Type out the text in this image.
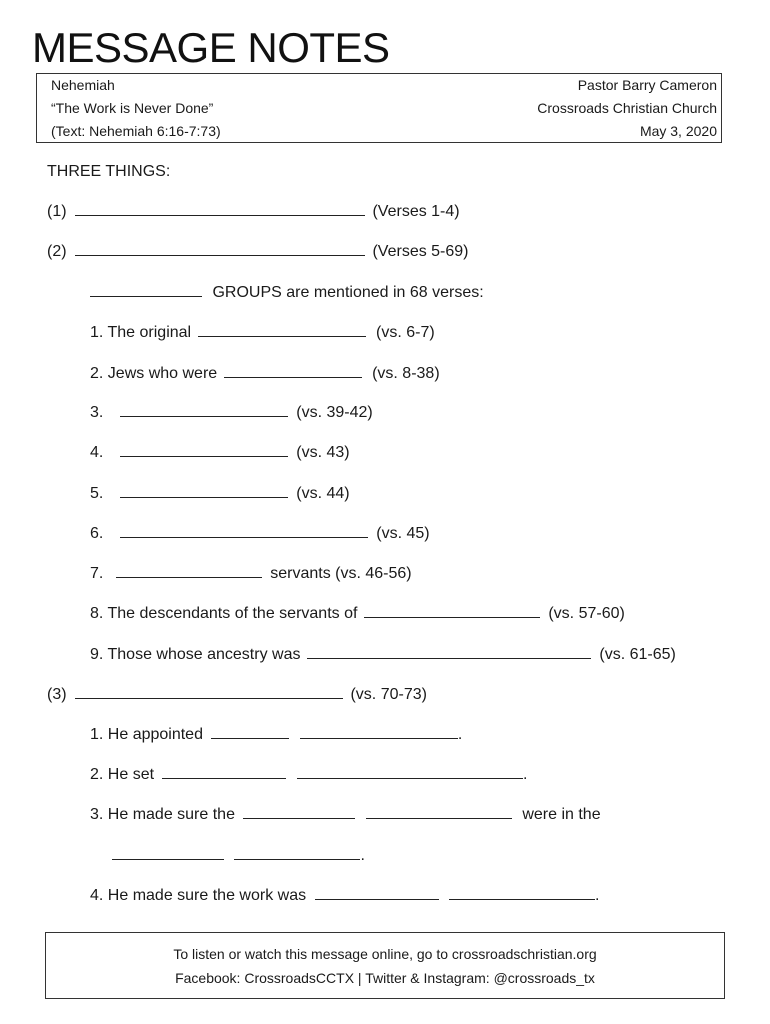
MESSAGE NOTES
Nehemiah
“The Work is Never Done”
(Text: Nehemiah 6:16-7:73)
Pastor Barry Cameron
Crossroads Christian Church
May 3, 2020
THREE THINGS:
(1)	(Verses 1-4)
(2)	(Verses 5-69)
GROUPS are mentioned in 68 verses:
1. The original	(vs. 6-7)
2. Jews who were	(vs. 8-38)
3.	(vs. 39-42)
4.	(vs. 43)
5.	(vs. 44)
6.	(vs. 45)
7.	servants (vs. 46-56)
8. The descendants of the servants of	(vs. 57-60)
9. Those whose ancestry was	(vs. 61-65)
(3)	(vs. 70-73)
1. He appointed	.
2. He set	.
3. He made sure the	were in the
.
4. He made sure the work was	.
To listen or watch this message online, go to crossroadschristian.org
Facebook: CrossroadsCCTX | Twitter & Instagram: @crossroads_tx
